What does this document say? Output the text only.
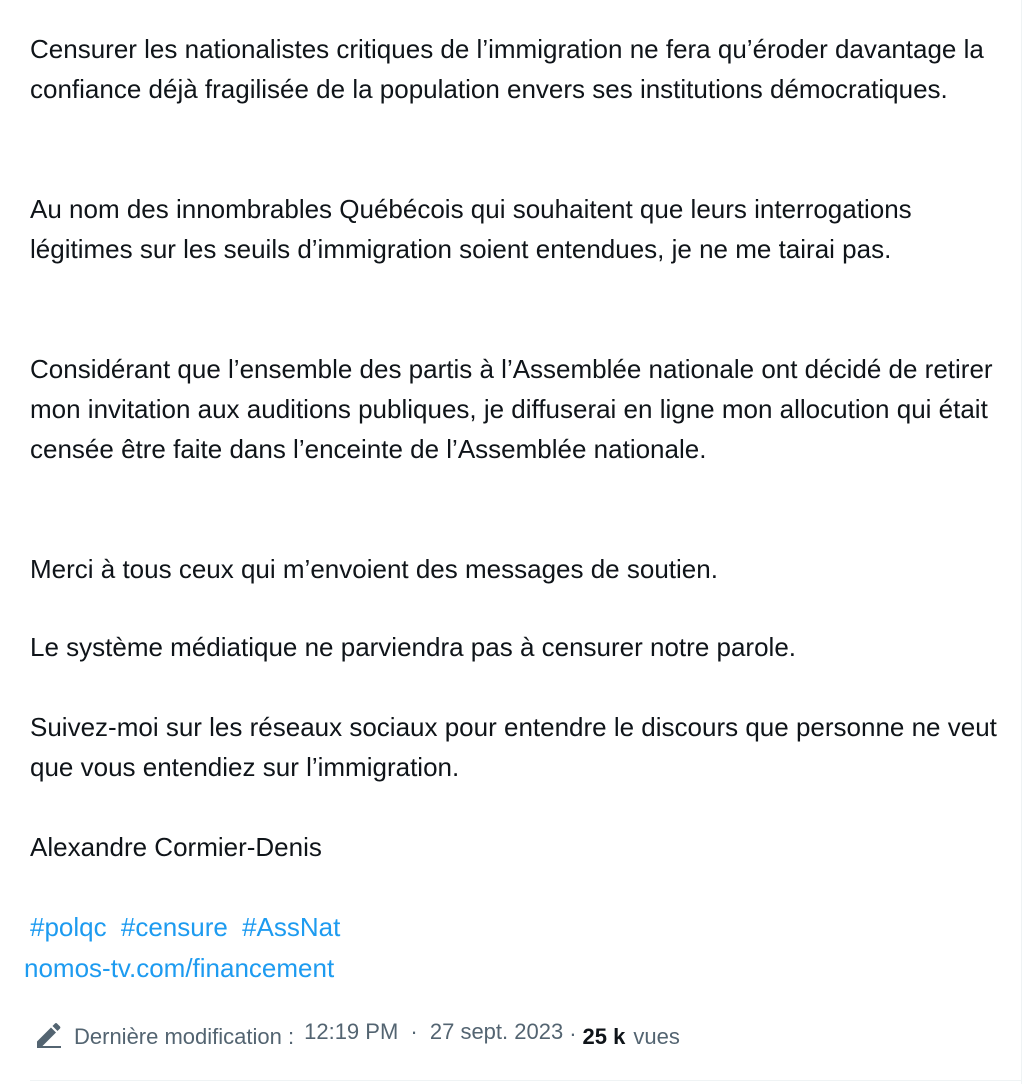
Censurer les nationalistes critiques de l’immigration ne fera qu’éroder davantage la confiance déjà fragilisée de la population envers ses institutions démocratiques.

Au nom des innombrables Québécois qui souhaitent que leurs interrogations légitimes sur les seuils d’immigration soient entendues, je ne me tairai pas.

Considérant que l’ensemble des partis à l’Assemblée nationale ont décidé de retirer mon invitation aux auditions publiques, je diffuserai en ligne mon allocution qui était censée être faite dans l’enceinte de l’Assemblée nationale.

Merci à tous ceux qui m’envoient des messages de soutien.

Le système médiatique ne parviendra pas à censurer notre parole.

Suivez-moi sur les réseaux sociaux pour entendre le discours que personne ne veut que vous entendiez sur l’immigration.

Alexandre Cormier-Denis

#polqc #censure #AssNat
nomos-tv.com/financement
Dernière modification : 12:19 PM · 27 sept. 2023 · 25 k vues
